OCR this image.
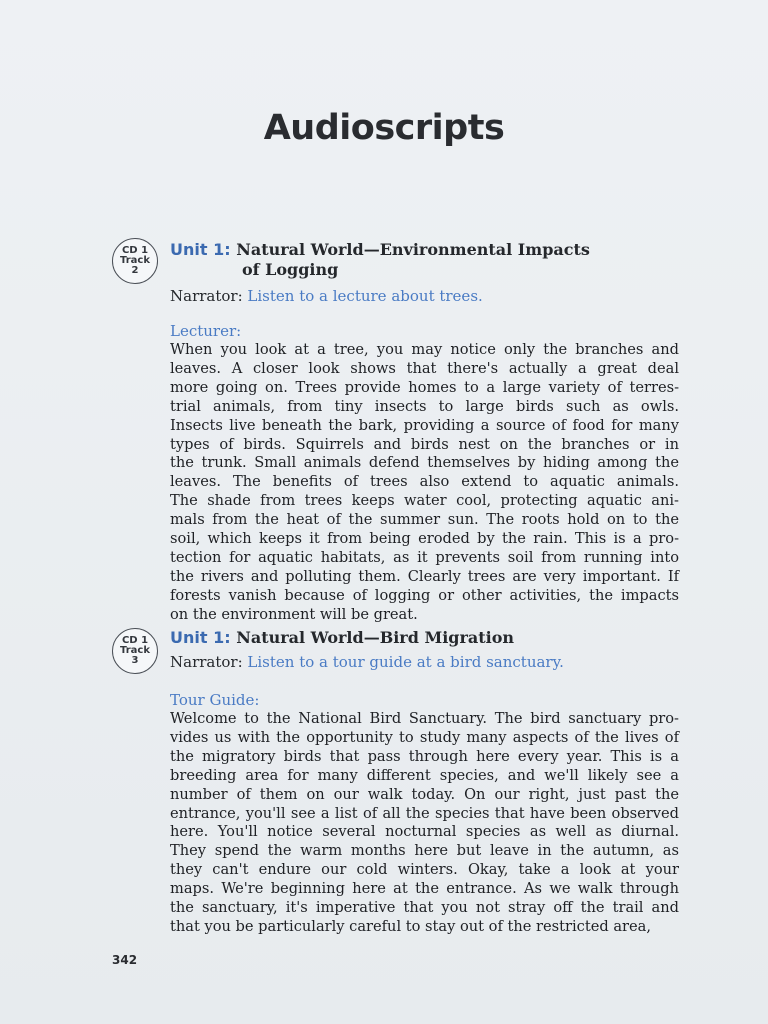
Audioscripts
CD 1
Track
2
Unit 1: Natural World—Environmental Impacts
of Logging
Narrator: Listen to a lecture about trees.
Lecturer:
When you look at a tree, you may notice only the branches and
leaves. A closer look shows that there's actually a great deal
more going on. Trees provide homes to a large variety of terres-
trial animals, from tiny insects to large birds such as owls.
Insects live beneath the bark, providing a source of food for many
types of birds. Squirrels and birds nest on the branches or in
the trunk. Small animals defend themselves by hiding among the
leaves. The benefits of trees also extend to aquatic animals.
The shade from trees keeps water cool, protecting aquatic ani-
mals from the heat of the summer sun. The roots hold on to the
soil, which keeps it from being eroded by the rain. This is a pro-
tection for aquatic habitats, as it prevents soil from running into
the rivers and polluting them. Clearly trees are very important. If
forests vanish because of logging or other activities, the impacts
on the environment will be great.
CD 1
Track
3
Unit 1: Natural World—Bird Migration
Narrator: Listen to a tour guide at a bird sanctuary.
Tour Guide:
Welcome to the National Bird Sanctuary. The bird sanctuary pro-
vides us with the opportunity to study many aspects of the lives of
the migratory birds that pass through here every year. This is a
breeding area for many different species, and we'll likely see a
number of them on our walk today. On our right, just past the
entrance, you'll see a list of all the species that have been observed
here. You'll notice several nocturnal species as well as diurnal.
They spend the warm months here but leave in the autumn, as
they can't endure our cold winters. Okay, take a look at your
maps. We're beginning here at the entrance. As we walk through
the sanctuary, it's imperative that you not stray off the trail and
that you be particularly careful to stay out of the restricted area,
342
